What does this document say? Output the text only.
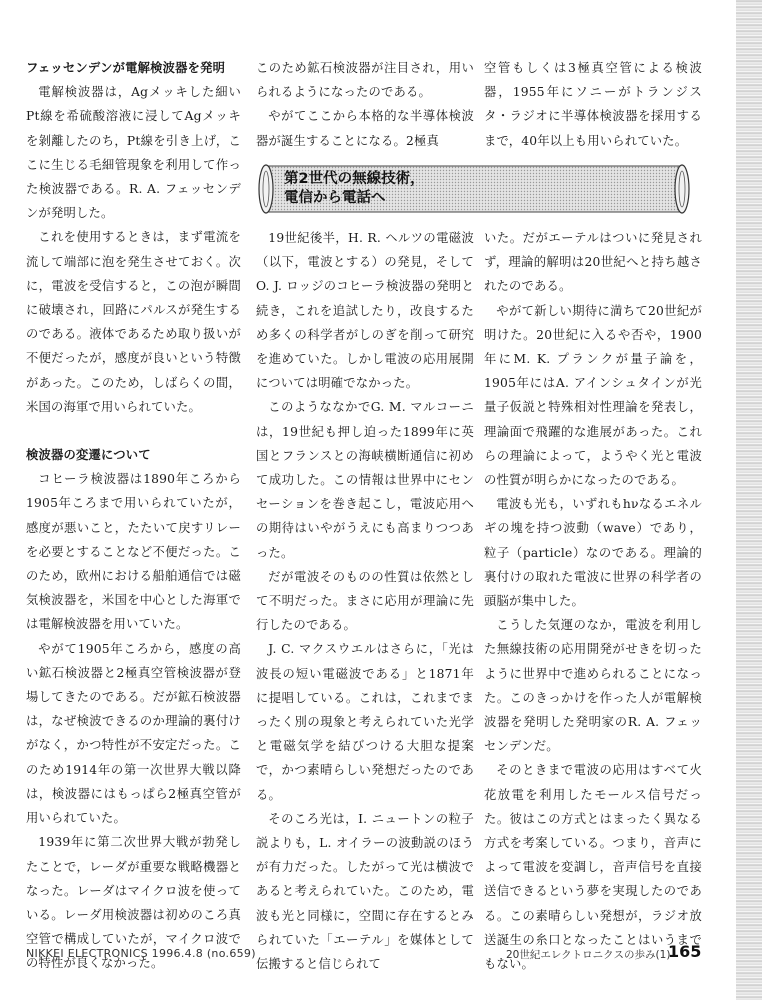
フェッセンデンが電解検波器を発明

電解検波器は，Agメッキした細いPt線を希硫酸溶液に浸してAgメッキを剝離したのち，Pt線を引き上げ，ここに生じる毛細管現象を利用して作った検波器である。R. A. フェッセンデンが発明した。

これを使用するときは，まず電流を流して端部に泡を発生させておく。次に，電波を受信すると，この泡が瞬間に破壊され，回路にパルスが発生するのである。液体であるため取り扱いが不便だったが，感度が良いという特徴があった。このため，しばらくの間，米国の海軍で用いられていた。

検波器の変遷について

コヒーラ検波器は1890年ころから1905年ころまで用いられていたが，感度が悪いこと，たたいて戻すリレーを必要とすることなど不便だった。このため，欧州における船舶通信では磁気検波器を，米国を中心とした海軍では電解検波器を用いていた。

やがて1905年ころから，感度の高い鉱石検波器と2極真空管検波器が登場してきたのである。だが鉱石検波器は，なぜ検波できるのか理論的裏付けがなく，かつ特性が不安定だった。このため1914年の第一次世界大戦以降は，検波器にはもっぱら2極真空管が用いられていた。

1939年に第二次世界大戦が勃発したことで，レーダが重要な戦略機器となった。レーダはマイクロ波を使っている。レーダ用検波器は初めのころ真空管で構成していたが，マイクロ波での特性が良くなかった。

このため鉱石検波器が注目され，用いられるようになったのである。

やがてここから本格的な半導体検波器が誕生することになる。2極真

空管もしくは3極真空管による検波器，1955年にソニーがトランジスタ・ラジオに半導体検波器を採用するまで，40年以上も用いられていた。

第2世代の無線技術，
電信から電話へ

19世紀後半，H. R. ヘルツの電磁波（以下，電波とする）の発見，そしてO. J. ロッジのコヒーラ検波器の発明と続き，これを追試したり，改良するため多くの科学者がしのぎを削って研究を進めていた。しかし電波の応用展開については明確でなかった。

このようななかでG. M. マルコーニは，19世紀も押し迫った1899年に英国とフランスとの海峡横断通信に初めて成功した。この情報は世界中にセンセーションを巻き起こし，電波応用への期待はいやがうえにも高まりつつあった。

だが電波そのものの性質は依然として不明だった。まさに応用が理論に先行したのである。

J. C. マクスウエルはさらに，「光は波長の短い電磁波である」と1871年に提唱している。これは，これまでまったく別の現象と考えられていた光学と電磁気学を結びつける大胆な提案で，かつ素晴らしい発想だったのである。

そのころ光は，I. ニュートンの粒子説よりも，L. オイラーの波動説のほうが有力だった。したがって光は横波であると考えられていた。このため，電波も光と同様に，空間に存在するとみられていた「エーテル」を媒体として伝搬すると信じられて

いた。だがエーテルはついに発見されず，理論的解明は20世紀へと持ち越されたのである。

やがて新しい期待に満ちて20世紀が明けた。20世紀に入るや否や，1900年にM. K. プランクが量子論を，1905年にはA. アインシュタインが光量子仮説と特殊相対性理論を発表し，理論面で飛躍的な進展があった。これらの理論によって，ようやく光と電波の性質が明らかになったのである。

電波も光も，いずれもhνなるエネルギの塊を持つ波動（wave）であり，粒子（particle）なのである。理論的裏付けの取れた電波に世界の科学者の頭脳が集中した。

こうした気運のなか，電波を利用した無線技術の応用開発がせきを切ったように世界中で進められることになった。このきっかけを作った人が電解検波器を発明した発明家のR. A. フェッセンデンだ。

そのときまで電波の応用はすべて火花放電を利用したモールス信号だった。彼はこの方式とはまったく異なる方式を考案している。つまり，音声によって電波を変調し，音声信号を直接送信できるという夢を実現したのである。この素晴らしい発想が，ラジオ放送誕生の糸口となったことはいうまでもない。

NIKKEI ELECTRONICS 1996.4.8 (no.659)	20世紀エレクトロニクスの歩み(1)
165
